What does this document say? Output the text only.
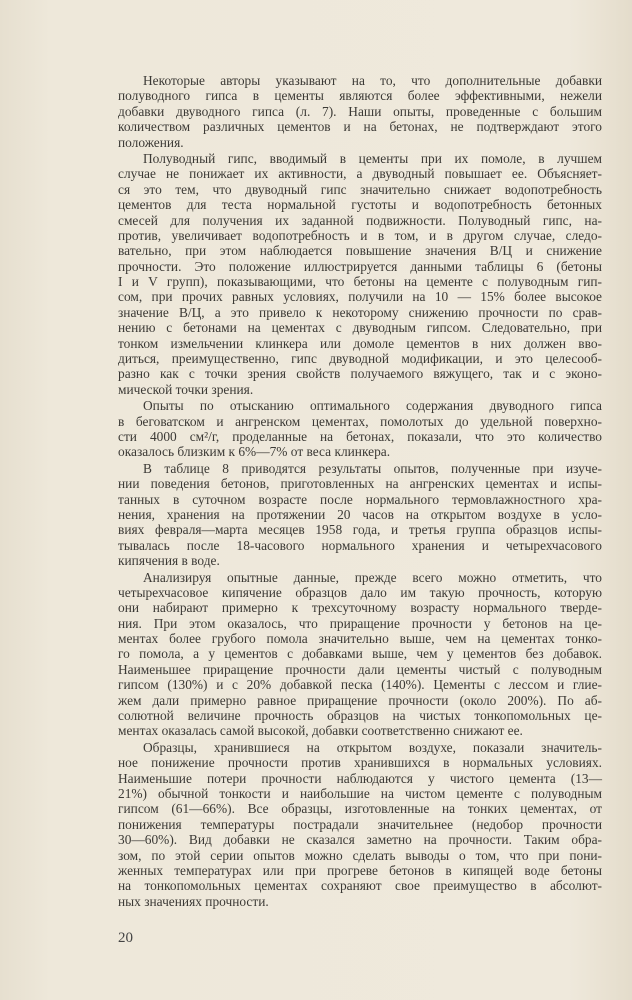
Некоторые авторы указывают на то, что дополнительные добавки
полуводного гипса в цементы являются более эффективными, нежели
добавки двуводного гипса (л. 7). Наши опыты, проведенные с большим
количеством различных цементов и на бетонах, не подтверждают этого
положения.
Полуводный гипс, вводимый в цементы при их помоле, в лучшем
случае не понижает их активности, а двуводный повышает ее. Объясняет-
ся это тем, что двуводный гипс значительно снижает водопотребность
цементов для теста нормальной густоты и водопотребность бетонных
смесей для получения их заданной подвижности. Полуводный гипс, на-
против, увеличивает водопотребность и в том, и в другом случае, следо-
вательно, при этом наблюдается повышение значения В/Ц и снижение
прочности. Это положение иллюстрируется данными таблицы 6 (бетоны
I и V групп), показывающими, что бетоны на цементе с полуводным гип-
сом, при прочих равных условиях, получили на 10 — 15% более высокое
значение В/Ц, а это привело к некоторому снижению прочности по срав-
нению с бетонами на цементах с двуводным гипсом. Следовательно, при
тонком измельчении клинкера или домоле цементов в них должен вво-
диться, преимущественно, гипс двуводной модификации, и это целесооб-
разно как с точки зрения свойств получаемого вяжущего, так и с эконо-
мической точки зрения.
Опыты по отысканию оптимального содержания двуводного гипса
в беговатском и ангренском цементах, помолотых до удельной поверхно-
сти 4000 см²/г, проделанные на бетонах, показали, что это количество
оказалось близким к 6%—7% от веса клинкера.
В таблице 8 приводятся результаты опытов, полученные при изуче-
нии поведения бетонов, приготовленных на ангренских цементах и испы-
танных в суточном возрасте после нормального термовлажностного хра-
нения, хранения на протяжении 20 часов на открытом воздухе в усло-
виях февраля—марта месяцев 1958 года, и третья группа образцов испы-
тывалась после 18-часового нормального хранения и четырехчасового
кипячения в воде.
Анализируя опытные данные, прежде всего можно отметить, что
четырехчасовое кипячение образцов дало им такую прочность, которую
они набирают примерно к трехсуточному возрасту нормального тверде-
ния. При этом оказалось, что приращение прочности у бетонов на це-
ментах более грубого помола значительно выше, чем на цементах тонко-
го помола, а у цементов с добавками выше, чем у цементов без добавок.
Наименьшее приращение прочности дали цементы чистый с полуводным
гипсом (130%) и с 20% добавкой песка (140%). Цементы с лессом и глие-
жем дали примерно равное приращение прочности (около 200%). По аб-
солютной величине прочность образцов на чистых тонкопомольных це-
ментах оказалась самой высокой, добавки соответственно снижают ее.
Образцы, хранившиеся на открытом воздухе, показали значитель-
ное понижение прочности против хранившихся в нормальных условиях.
Наименьшие потери прочности наблюдаются у чистого цемента (13—
21%) обычной тонкости и наибольшие на чистом цементе с полуводным
гипсом (61—66%). Все образцы, изготовленные на тонких цементах, от
понижения температуры пострадали значительнее (недобор прочности
30—60%). Вид добавки не сказался заметно на прочности. Таким обра-
зом, по этой серии опытов можно сделать выводы о том, что при пони-
женных температурах или при прогреве бетонов в кипящей воде бетоны
на тонкопомольных цементах сохраняют свое преимущество в абсолют-
ных значениях прочности.
20
